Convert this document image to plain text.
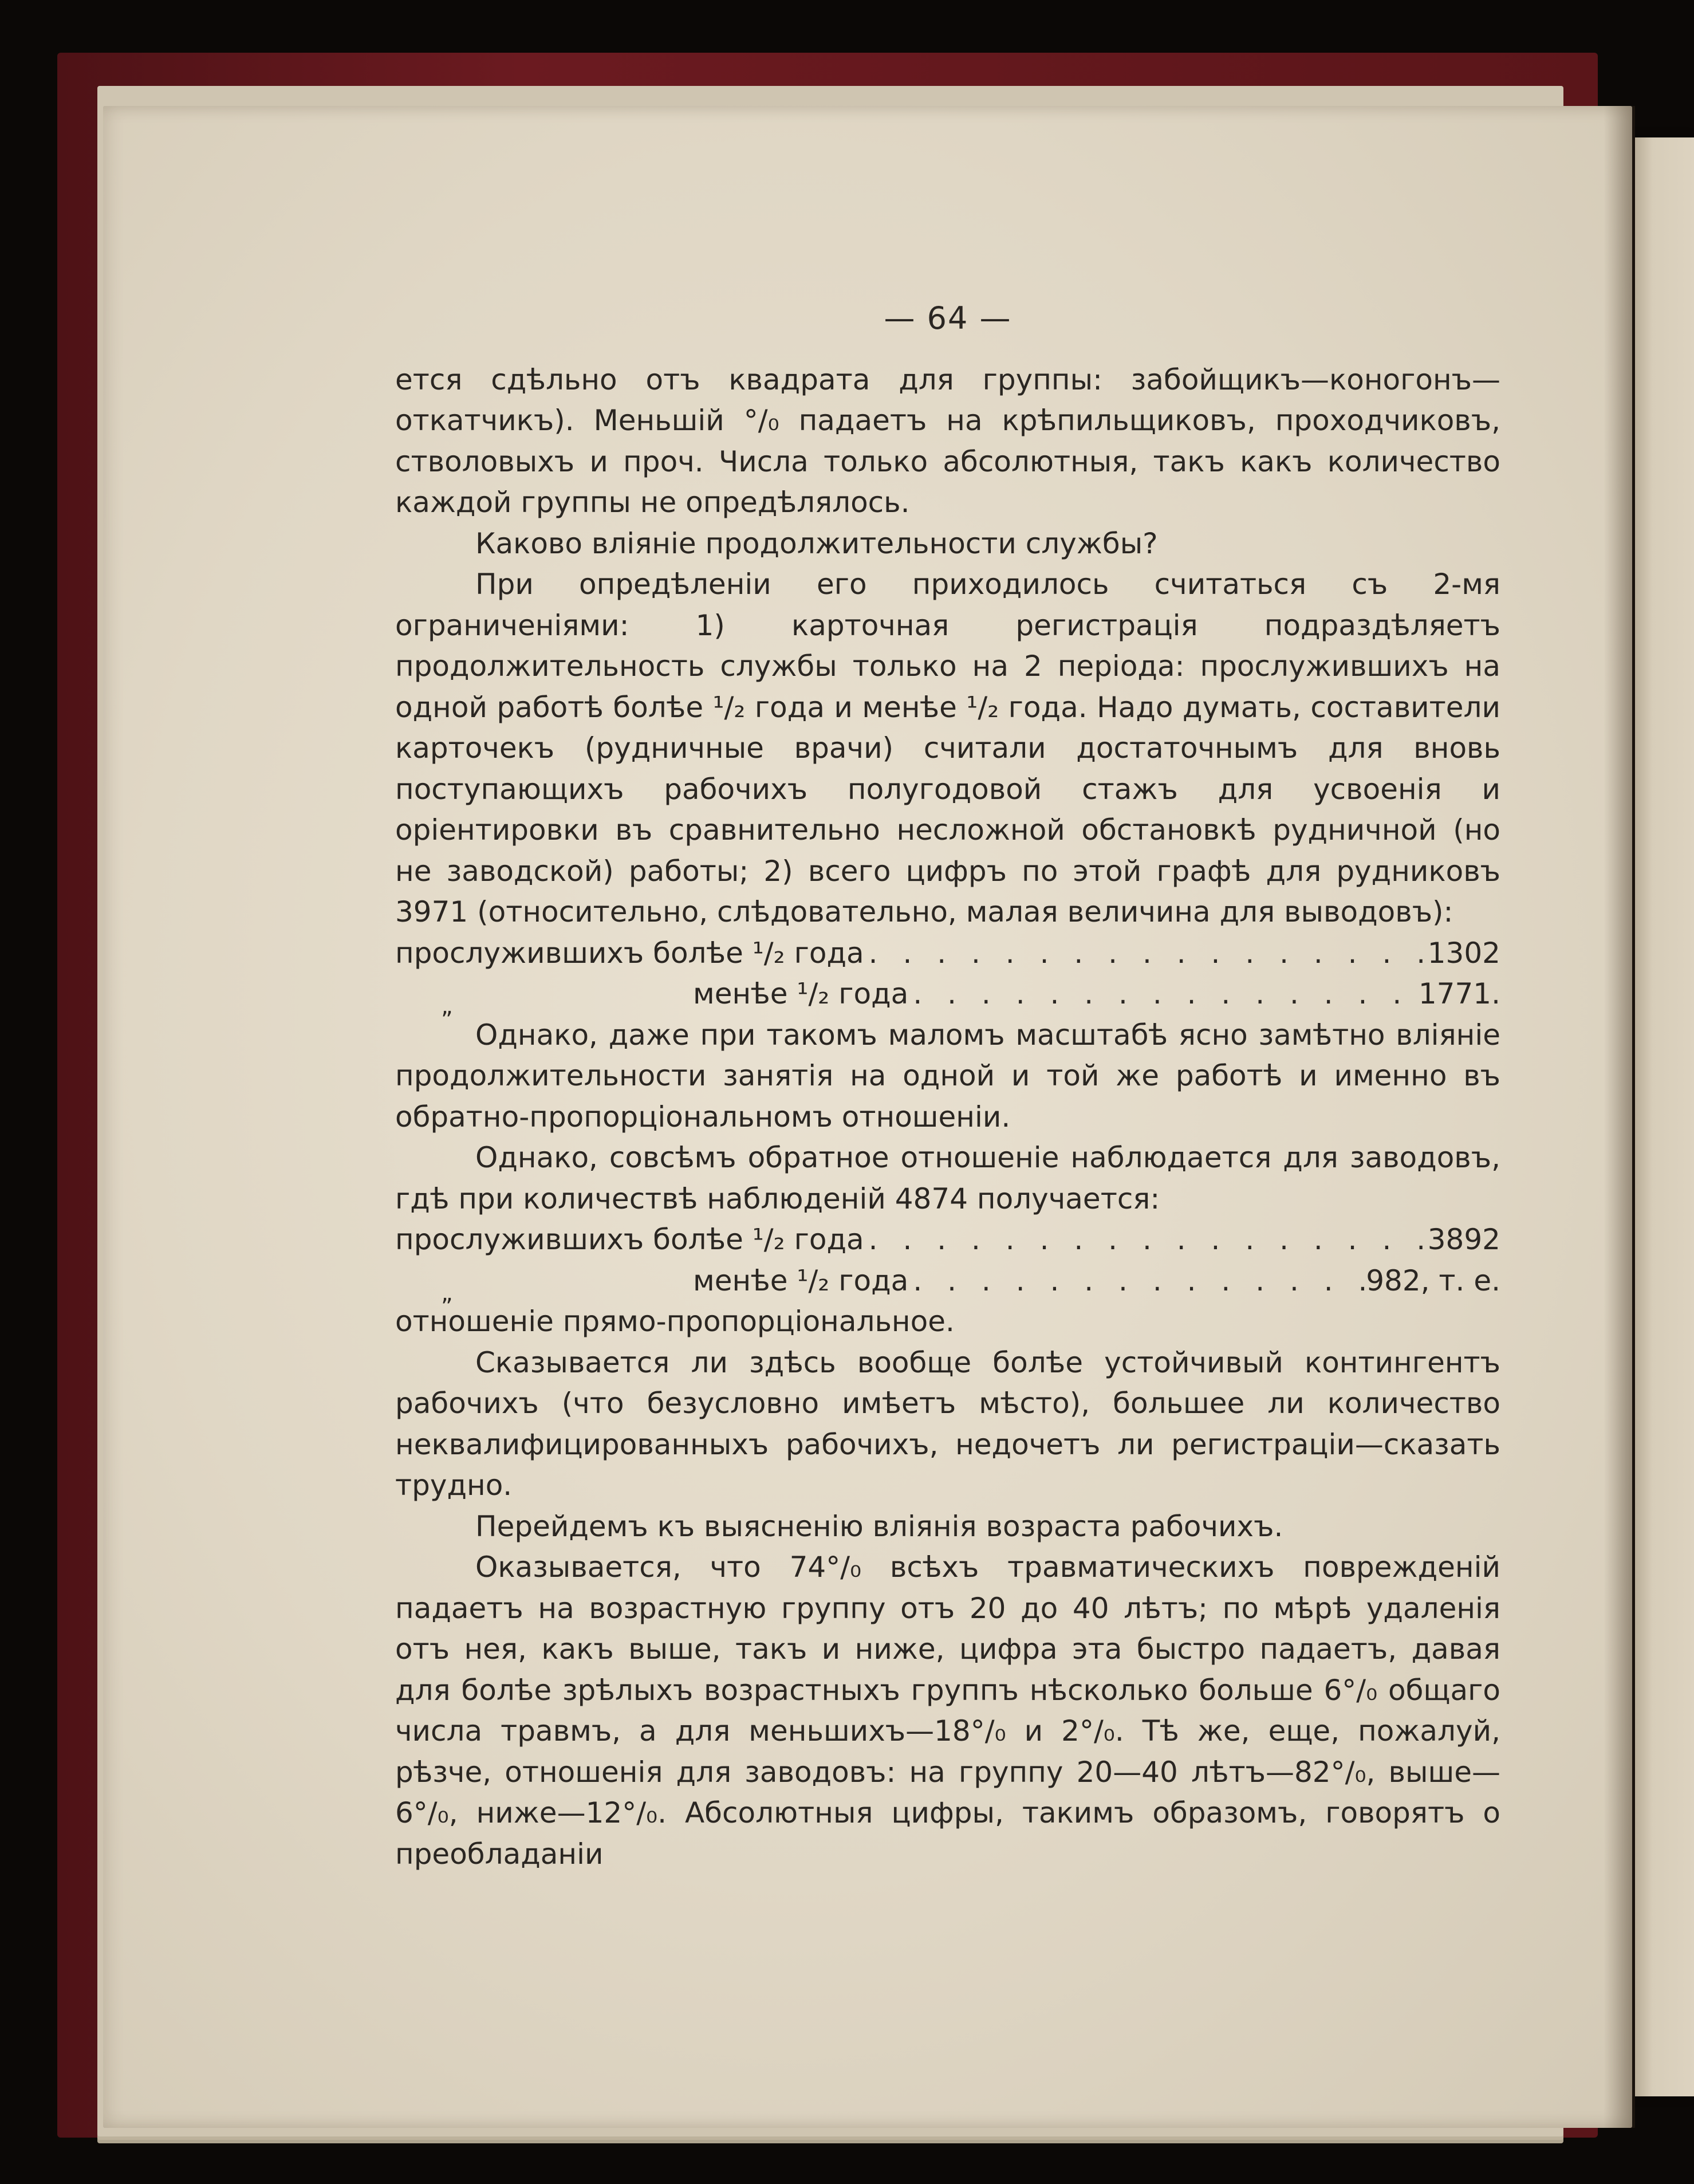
— 64 —

ется сдѣльно отъ квадрата для группы: забойщикъ—коногонъ—откатчикъ). Меньшій °/₀ падаетъ на крѣпильщиковъ, проходчиковъ, стволовыхъ и проч. Числа только абсолютныя, такъ какъ количество каждой группы не опредѣлялось.

Каково вліяніе продолжительности службы?

При опредѣленіи его приходилось считаться съ 2-мя ограниченіями: 1) карточная регистрація подраздѣляетъ продолжительность службы только на 2 періода: прослужившихъ на одной работѣ болѣе ¹/₂ года и менѣе ¹/₂ года. Надо думать, составители карточекъ (рудничные врачи) считали достаточнымъ для вновь поступающихъ рабочихъ полугодовой стажъ для усвоенія и оріентировки въ сравнительно несложной обстановкѣ рудничной (но не заводской) работы; 2) всего цифръ по этой графѣ для рудниковъ 3971 (относительно, слѣдовательно, малая величина для выводовъ):

прослужившихъ болѣе ¹/₂ года . . .	1302
„	менѣе ¹/₂ года . . .	1771.

Однако, даже при такомъ маломъ масштабѣ ясно замѣтно вліяніе продолжительности занятія на одной и той же работѣ и именно въ обратно-пропорціональномъ отношеніи.

Однако, совсѣмъ обратное отношеніе наблюдается для заводовъ, гдѣ при количествѣ наблюденій 4874 получается:

прослужившихъ болѣе ¹/₂ года . . .	3892
„	менѣе ¹/₂ года . . .	982, т. е.

отношеніе прямо-пропорціональное.

Сказывается ли здѣсь вообще болѣе устойчивый контингентъ рабочихъ (что безусловно имѣетъ мѣсто), большее ли количество неквалифицированныхъ рабочихъ, недочетъ ли регистраціи—сказать трудно.

Перейдемъ къ выясненію вліянія возраста рабочихъ.

Оказывается, что 74°/₀ всѣхъ травматическихъ поврежденій падаетъ на возрастную группу отъ 20 до 40 лѣтъ; по мѣрѣ удаленія отъ нея, какъ выше, такъ и ниже, цифра эта быстро падаетъ, давая для болѣе зрѣлыхъ возрастныхъ группъ нѣсколько больше 6°/₀ общаго числа травмъ, а для меньшихъ—18°/₀ и 2°/₀. Тѣ же, еще, пожалуй, рѣзче, отношенія для заводовъ: на группу 20—40 лѣтъ—82°/₀, выше—6°/₀, ниже—12°/₀. Абсолютныя цифры, такимъ образомъ, говорятъ о преобладаніи
